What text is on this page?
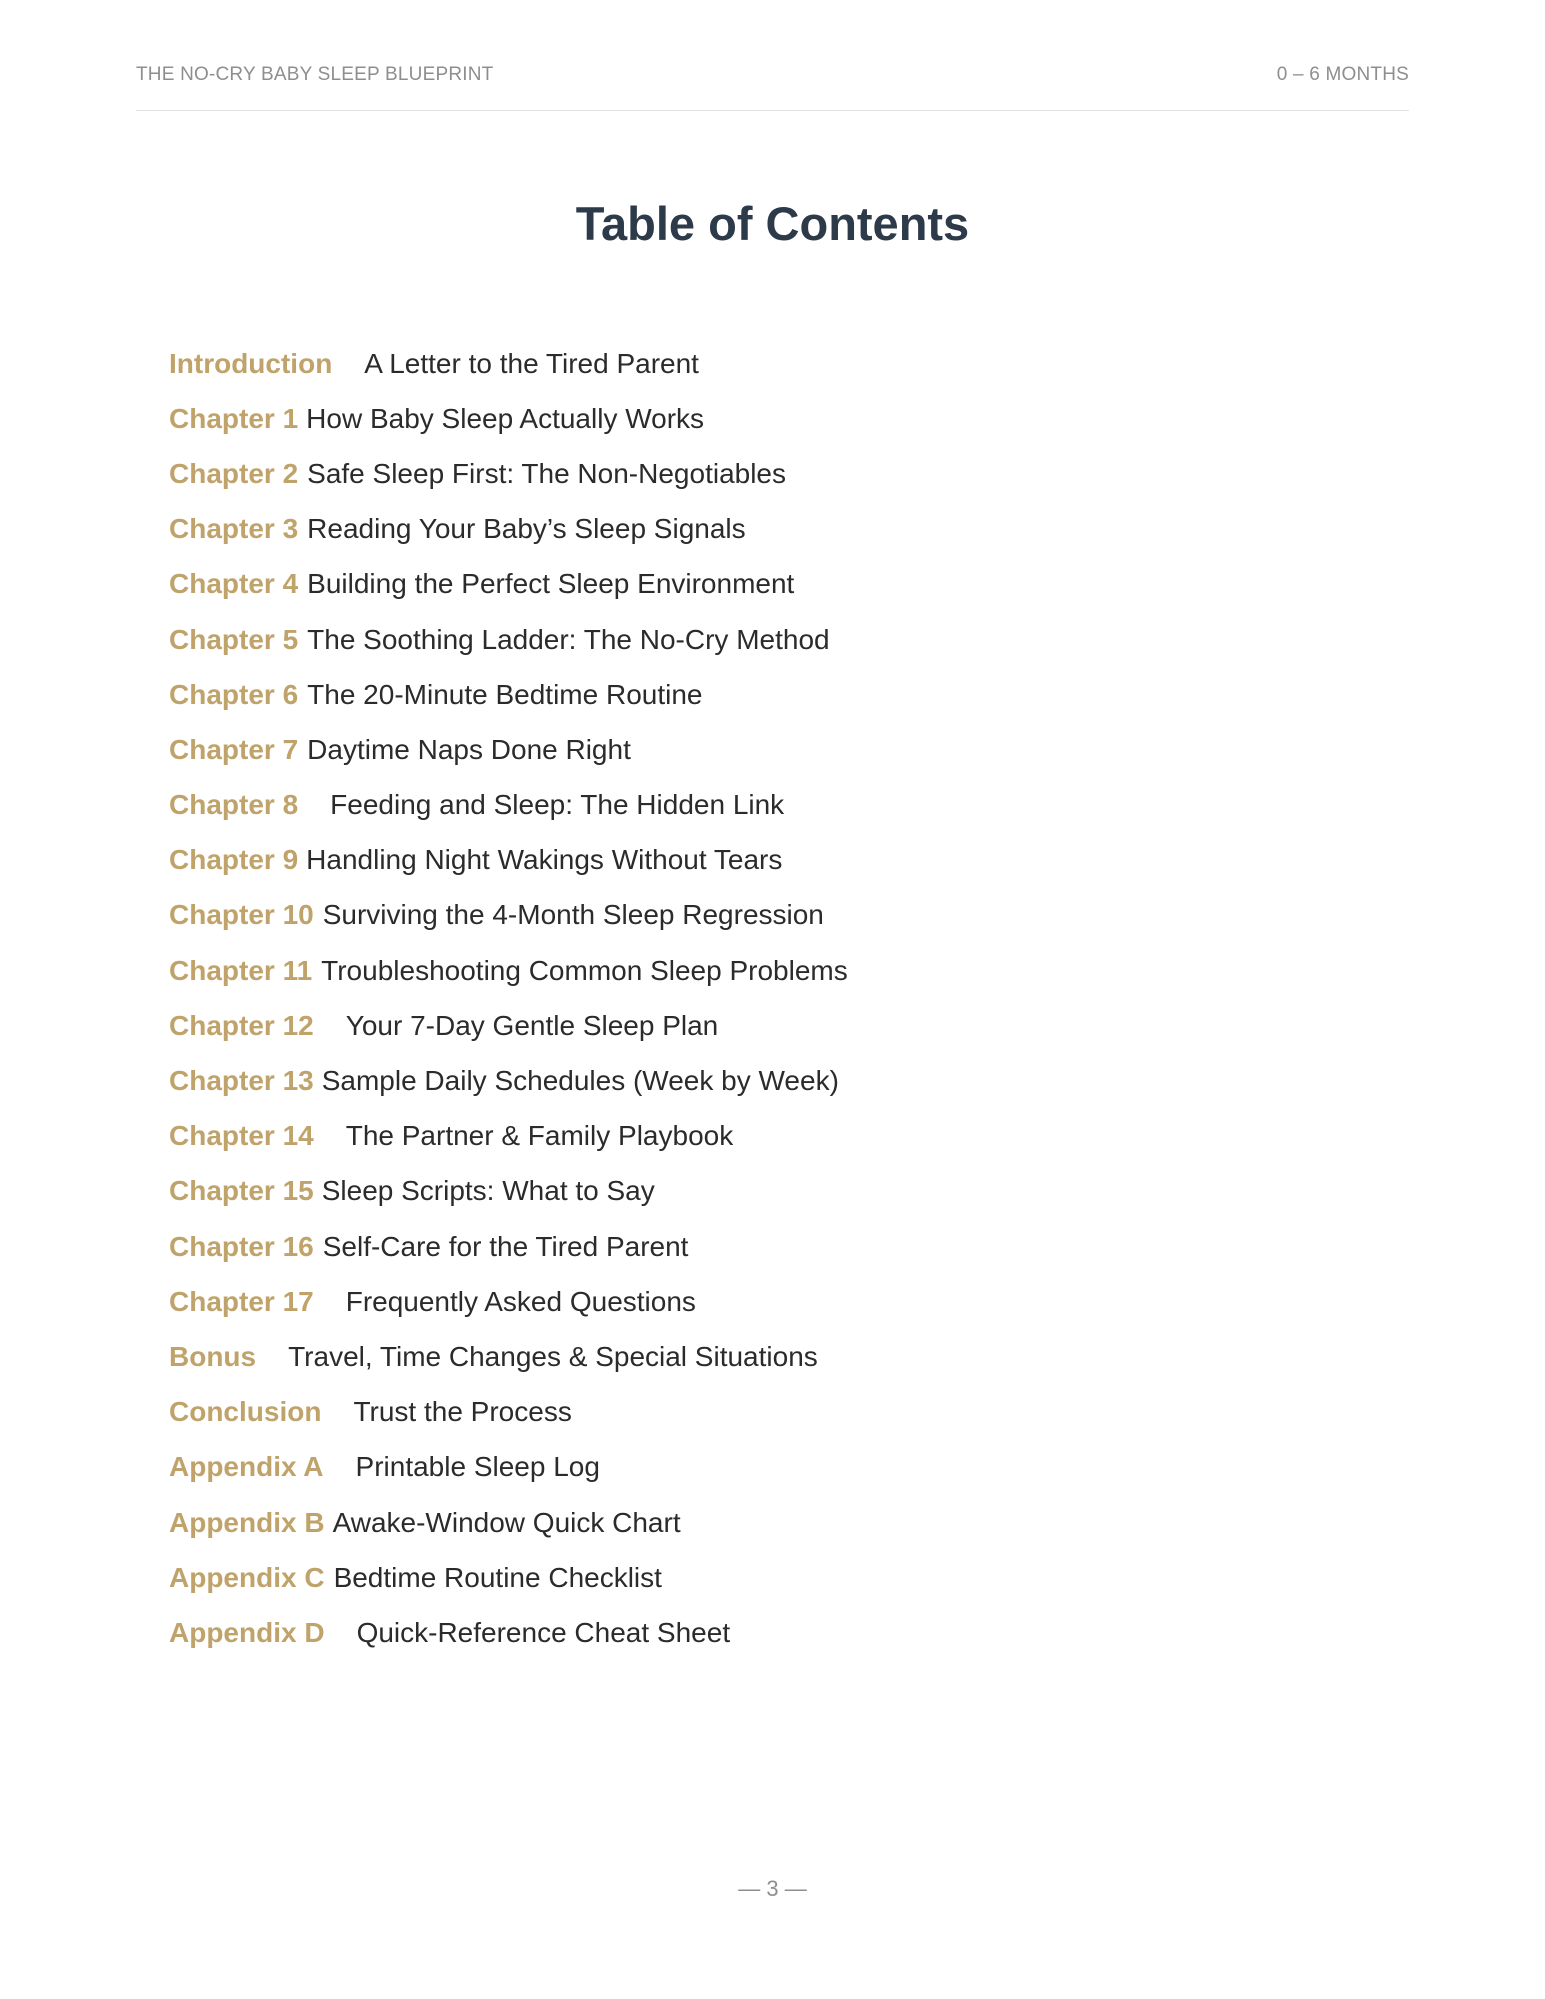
THE NO-CRY BABY SLEEP BLUEPRINT	0 – 6 MONTHS
Table of Contents
Introduction A Letter to the Tired Parent
Chapter 1 How Baby Sleep Actually Works
Chapter 2 Safe Sleep First: The Non-Negotiables
Chapter 3 Reading Your Baby’s Sleep Signals
Chapter 4 Building the Perfect Sleep Environment
Chapter 5 The Soothing Ladder: The No-Cry Method
Chapter 6 The 20-Minute Bedtime Routine
Chapter 7 Daytime Naps Done Right
Chapter 8 Feeding and Sleep: The Hidden Link
Chapter 9 Handling Night Wakings Without Tears
Chapter 10 Surviving the 4-Month Sleep Regression
Chapter 11 Troubleshooting Common Sleep Problems
Chapter 12 Your 7-Day Gentle Sleep Plan
Chapter 13 Sample Daily Schedules (Week by Week)
Chapter 14 The Partner & Family Playbook
Chapter 15 Sleep Scripts: What to Say
Chapter 16 Self-Care for the Tired Parent
Chapter 17 Frequently Asked Questions
Bonus Travel, Time Changes & Special Situations
Conclusion Trust the Process
Appendix A Printable Sleep Log
Appendix B Awake-Window Quick Chart
Appendix C Bedtime Routine Checklist
Appendix D Quick-Reference Cheat Sheet
— 3 —
